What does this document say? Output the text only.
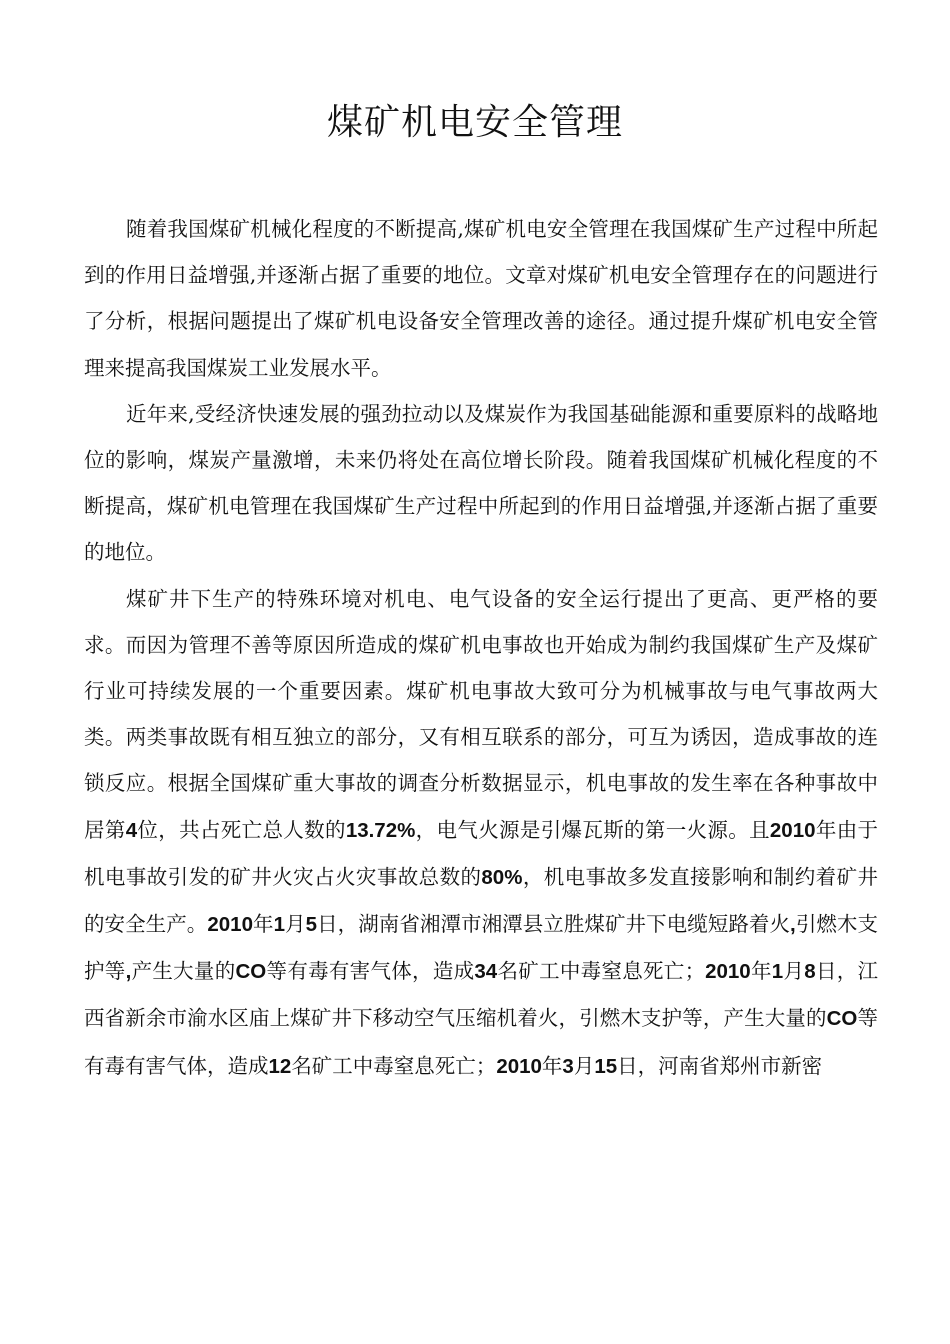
煤矿机电安全管理

随着我国煤矿机械化程度的不断提高,煤矿机电安全管理在我国煤矿生产过程中所起到的作用日益增强,并逐渐占据了重要的地位。文章对煤矿机电安全管理存在的问题进行了分析，根据问题提出了煤矿机电设备安全管理改善的途径。通过提升煤矿机电安全管理来提高我国煤炭工业发展水平。

近年来,受经济快速发展的强劲拉动以及煤炭作为我国基础能源和重要原料的战略地位的影响，煤炭产量激增，未来仍将处在高位增长阶段。随着我国煤矿机械化程度的不断提高，煤矿机电管理在我国煤矿生产过程中所起到的作用日益增强,并逐渐占据了重要的地位。

煤矿井下生产的特殊环境对机电、电气设备的安全运行提出了更高、更严格的要求。而因为管理不善等原因所造成的煤矿机电事故也开始成为制约我国煤矿生产及煤矿行业可持续发展的一个重要因素。煤矿机电事故大致可分为机械事故与电气事故两大类。两类事故既有相互独立的部分，又有相互联系的部分，可互为诱因，造成事故的连锁反应。根据全国煤矿重大事故的调查分析数据显示，机电事故的发生率在各种事故中居第4位，共占死亡总人数的13.72%，电气火源是引爆瓦斯的第一火源。且2010年由于机电事故引发的矿井火灾占火灾事故总数的80%，机电事故多发直接影响和制约着矿井的安全生产。2010年1月5日，湖南省湘潭市湘潭县立胜煤矿井下电缆短路着火,引燃木支护等,产生大量的CO等有毒有害气体，造成34名矿工中毒窒息死亡；2010年1月8日，江西省新余市渝水区庙上煤矿井下移动空气压缩机着火，引燃木支护等，产生大量的CO等有毒有害气体，造成12名矿工中毒窒息死亡；2010年3月15日，河南省郑州市新密
